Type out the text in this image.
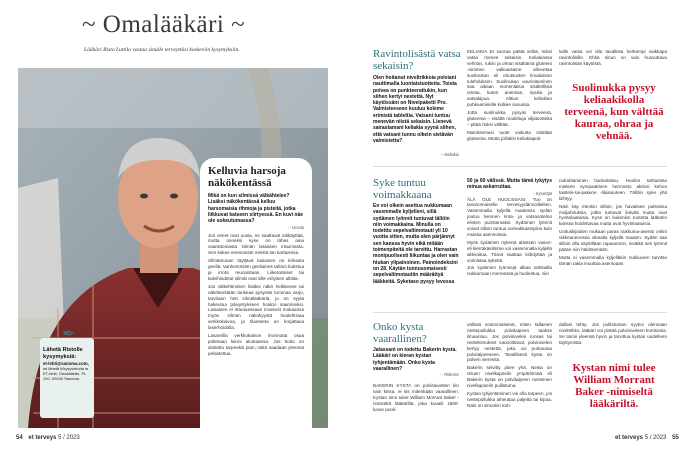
~ Omalääkäri ~
Lääkäri Risto Luttila vastaa sinulle terveyttäsi koskeviin kysymyksiin.
✒
Lähetä Ristolle kysymyksiä:
et-lehti@sanoma.com,
tai lähetä ti/kysyvistuita ta ET-lehti, Omalääkäri, PL 100, 00040 Sanoma
Kelluvia harsoja näkökentässä
Mikä on kun silmissä välkähtelee? Lisäksi näkökentässä kelluu harsomaisia rihmoja ja pisteitä, jotka liikkuvat katseen siirtyessä. En kuvi näe ole sokeutumassa?
– Ursula

Jos oireet ovat uusia, ne saattavat säikäyttää, mutta onneksi kyse on lähes aina vaarattomasta silmän lasiaisen irtaumasta. Sen kokee enemmistö meistä iän karttuessa.

Silmämunan täyttävä lasiainen on kirkasta geeliä. Vanhemmiten geeliaines tahtoo kutistua ja irrota reunoistaan. Liiketoitoiset tai kalvihiodetut silmät ovat sille erityisen alttiita.

Jos välkehtimisen lisäksi näkö heikkenee tai näkökenttään lankeaa pysyvän tummaa varjo, tarvitaan heti silmälääkäriä, jo on syytä hakeutua päivystykseen hoidon saamiseksi. Lasiaisen ei irtautuessaan imaisust mukaansa myös silmän näkökyystä huolehtivaa verkkokalvoa, ja tilanteeta on korjattava laserhoidolla.

Lasareilla verkkokalvon irronnutta osaa poltetaan kiinni alustaansa. Jos hoito on aloitettu tarpeeksi pian, näkö saadaan yleensä pelastettua.

54 et terveys 5 / 2023
Ravintolisästä vatsa sekaisin?
Olen hoitanut niveltrikkoia polviani nauttimalla luontaistuotteita. Toista polvea on punkteerattukin, kun siihen kertyi nestettä. Nyt käytössäni on Nivelpaketti Pro. Valmisteeseen kuuluu koleme erimistä tablettia. Vatsani tuntuu menevän niistä sekaisin. Lienevä sairastamani keliakia syynä siihen, että vatsani tunnu oikein sietävän valmistetta?
– Keliakia

KELIAKIA EI suoraa päätä selitä, miksi vatsa menee sekaisin. Keliakiassa vehnän, rukiin ja ohran sisältämä gluteeni -niminen valkuaisaine aiheuttaa suolinukan eli ohutsuolen limakalvon tulehduksen. Suolinukan vaurioituminen saa aikaan monenlaisia sisältöllisiä oireita, kuten anemian, ripulia ja vatsakipua. Alttius keliakian puhkeamiselle kulkee suvussa.

Jotta suolinukka pysyisi terveenä, gluteenia – sisältä mainittuja viljatuotteita – pitää rluksi välttää.

Mainitsemasi tuote vaikutta sisältää gluteenia. Mutta joillakin keliakiapoti-

laille vatsa voi olla tavallista herkempi vaikkapa ravintolisille. Ehkä sinun on vain huovuttava ravintolisän käytöstä.
Suolinukka pysyy keliaakikolla terveenä, kun välttää kauraa, ohraa ja vehnää.
Syke tuntuu voimakkaana
En voi olkein asettua nukkumaan vasemmalle kyljelleni, sillä sydämen lyönnit tuntuvat tällöin niin voimakkaina. Minulla on todetttu sepelvaltimotauti yli 10 vuotta sitten, mutta olen pärjännyt sen kanssa hyvin eikä mitään toimenpiteitä ole tarvittu. Harrastan monipuolisesti liikuntaa ja olen vain hiukan ylipainoinen. Painoindeksini on 28. Käytän tunnusomaisesti sepelvaltimotautiin määrättyä lääkkeitä. Syketaso pysyy levossa
50 ja 60 välissä. Mutta tämä tykytys minua askarruttaa.
– Kysetäjä

ÄLÄ OLE HUOLISSASI. Tuo on tavanomaiselle tervesyydänvoilleliten. Vasemmalla kyljellä maatessa sydän joutuu lvennen rinta- ja vatsaontelon elinten puristamaksi. Sydämen lyönnit voivat silloin tuntua voimakkaampina kuin muissa asennoissa.

Myös sydämen nykertä alävtsen vasen- eli kierräkäsilmme voi vasemmalla kyljellä aktivoitua. Tämä saattaa kiihdyttää ja voimistaa sykettä.

Jos sydämen lyönnejä alkaa tarkkailla nukkumaan mennessä ja huolestua, niin

nukahtaminen hankaloituu. Huolen tarttuessa mieleen sympaattinen hermosto aktivoi kehon taistele-tai-pakene -tilaisuuteen. Tällöin syke yhä kiihtyy.

Näin käy etenkin silloin, jos havaitsee pulssissa muljahduksia, jotka tuntuvat ikävää mutta ovat hyvänlaatuisia. Kyse on kuitenkin tuotetta lääkärin kanssa hoidettavaa mutta ovat hyvinlaatuisia.

Unituskijoiden mukaan paras nukkuma-asento onkin oikkeanenossa oikealla kyljellä maaten. Sydän saa silloin olla näytöllään rapaammin, eivätkä sen lyönnit pääse niin häiritsemään.

Mutta ei vasemmalla kyljelläkin nukkuvien tarvitse tämän takia muuttaa asentoaan.

Onko kysta vaarallinen?
Jalassani on todettu Bakerin kysta. Lääkäri on kieran kystan tyhjentämään. Onko kysta vaarallinen?
– Riitmies
BAKERIN KYSTA on polvitaivetten kin vain kissa, ei sis mitenkään vaarallinen. Kystan nimi tulee William Morrant Baker -nimiseltä lääkäriltä, joka kuvaili 1800-luvun puoli-

välissä ensimmäisenä, miten tällainen nestepullukka polvitaipeen taakse ilmaantuu. Jos polvinivelen runsas tai nestekimukset vaurioittavat, polvinivelen kertyy nestettä, joka voi purkautua polvitaipeeseen. Tavallisesti kysta on polven vieressä.

Bakerin selvitty pitee yhä. Nesta on ohuen nivelkapselin ympäröimää eli Bakerin kysta on polvitaipeen nesteinen nivelkapselin pullistuma.

Kystan tyhjentäminen voi olla tarpeen, jos nestepullukka aiheuttaa paljetta tai kipua. Näin on sinunkin koh-

dallasi tehty. Jos pullistuman syykoi olennaan niveltrikko, lääkäri voi pistää polviniveleen kortisonia. Se toimii yleensä hyvin ja tarvittua kystan uudelleen täyttymistä.
Kystan nimi tulee William Morrant Baker -nimiseltä lääkäriltä.
et terveys 5 / 2023 55
